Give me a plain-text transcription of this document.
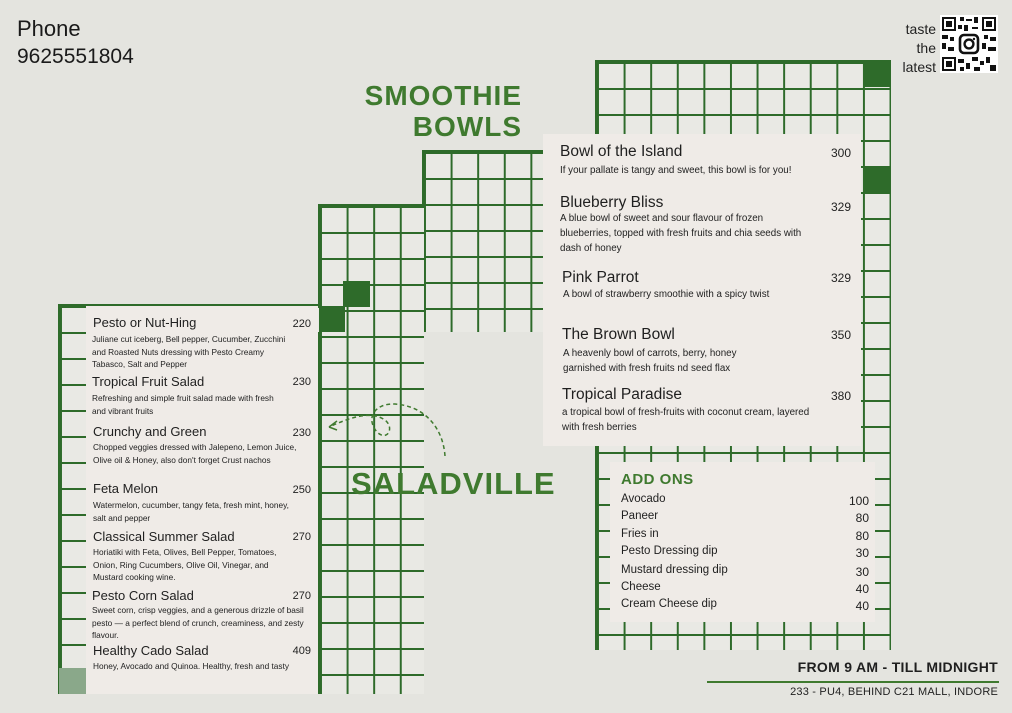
Phone
9625551804
taste
the
latest
SMOOTHIE
BOWLS
SALADVILLE
Bowl of the Island	300
If your pallate is tangy and sweet, this bowl is for you!
Blueberry Bliss	329
A blue bowl of sweet and sour flavour of frozen blueberries, topped with fresh fruits and chia seeds with dash of honey
Pink Parrot	329
A bowl of strawberry smoothie with a spicy twist
The Brown Bowl	350
A heavenly bowl of carrots, berry, honey garnished with fresh fruits nd seed flax
Tropical Paradise	380
a tropical bowl of fresh-fruits with coconut cream, layered with fresh berries
Pesto or Nut-Hing	220
Juliane cut iceberg, Bell pepper, Cucumber, Zucchini and Roasted Nuts dressing with Pesto Creamy Tabasco, Salt and Pepper
Tropical Fruit Salad	230
Refreshing and simple fruit salad made with fresh and vibrant fruits
Crunchy and Green	230
Chopped veggies dressed with Jalepeno, Lemon Juice, Olive oil & Honey, also don't forget Crust nachos
Feta Melon	250
Watermelon, cucumber, tangy feta, fresh mint, honey, salt and pepper
Classical Summer Salad	270
Horiatiki with Feta, Olives, Bell Pepper, Tomatoes, Onion, Ring Cucumbers, Olive Oil, Vinegar, and Mustard cooking wine.
Pesto Corn Salad	270
Sweet corn, crisp veggies, and a generous drizzle of basil pesto — a perfect blend of crunch, creaminess, and zesty flavour.
Healthy Cado Salad	409
Honey, Avocado and Quinoa. Healthy, fresh and tasty
ADD ONS
Avocado	100
Paneer	80
Fries in	80
Pesto Dressing dip	30
Mustard dressing dip	30
Cheese	40
Cream Cheese dip	40
FROM 9 AM - TILL MIDNIGHT
233 - PU4, BEHIND C21 MALL, INDORE
